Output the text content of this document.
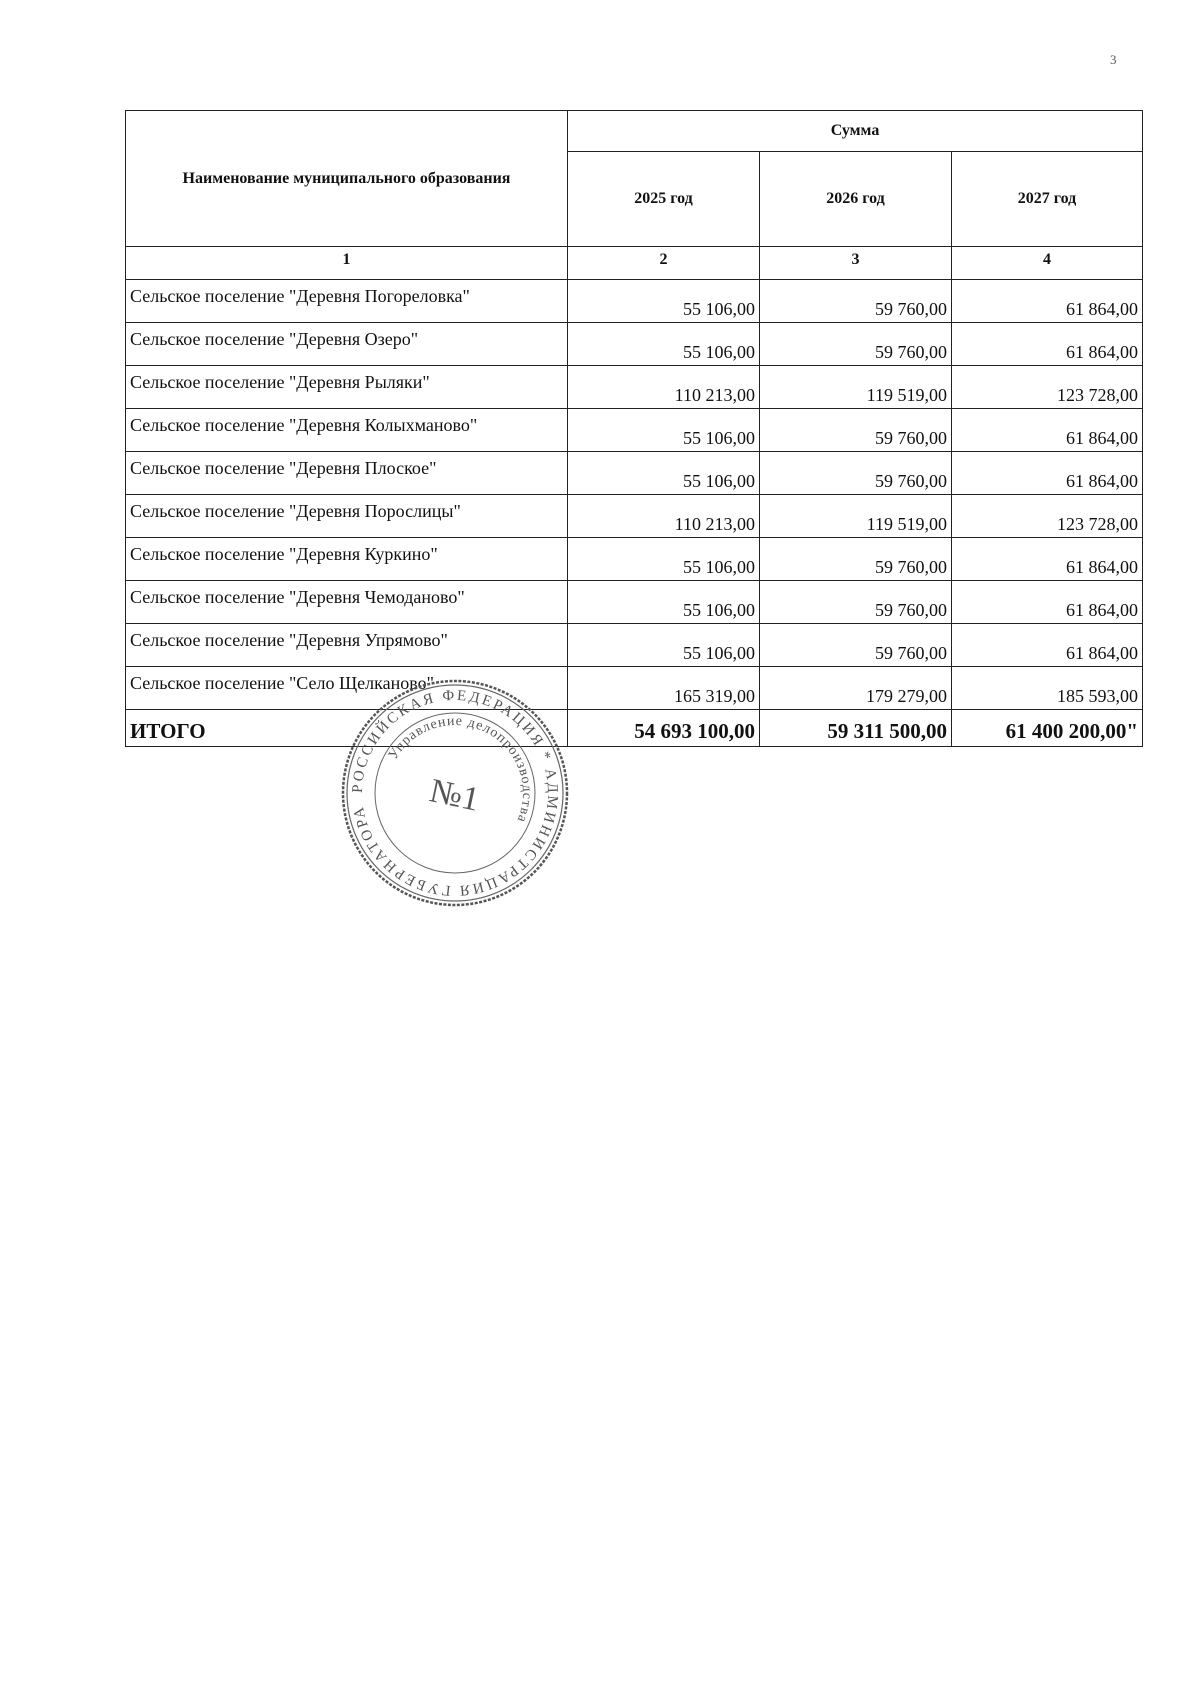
3
Наименование муниципального образования	Сумма		
	2025 год	2026 год	2027 год
1	2	3	4
Сельское поселение "Деревня Погореловка"	55 106,00	59 760,00	61 864,00
Сельское поселение "Деревня Озеро"	55 106,00	59 760,00	61 864,00
Сельское поселение "Деревня Рыляки"	110 213,00	119 519,00	123 728,00
Сельское поселение "Деревня Колыхманово"	55 106,00	59 760,00	61 864,00
Сельское поселение "Деревня Плоское"	55 106,00	59 760,00	61 864,00
Сельское поселение "Деревня Порослицы"	110 213,00	119 519,00	123 728,00
Сельское поселение "Деревня Куркино"	55 106,00	59 760,00	61 864,00
Сельское поселение "Деревня Чемоданово"	55 106,00	59 760,00	61 864,00
Сельское поселение "Деревня Упрямово"	55 106,00	59 760,00	61 864,00
Сельское поселение "Село Щелканово"	165 319,00	179 279,00	185 593,00
ИТОГО	54 693 100,00	59 311 500,00	61 400 200,00"
РОССИЙСКАЯ ФЕДЕРАЦИЯ * АДМИНИСТРАЦИЯ ГУБЕРНАТОРА
Управление делопроизводства
№1
